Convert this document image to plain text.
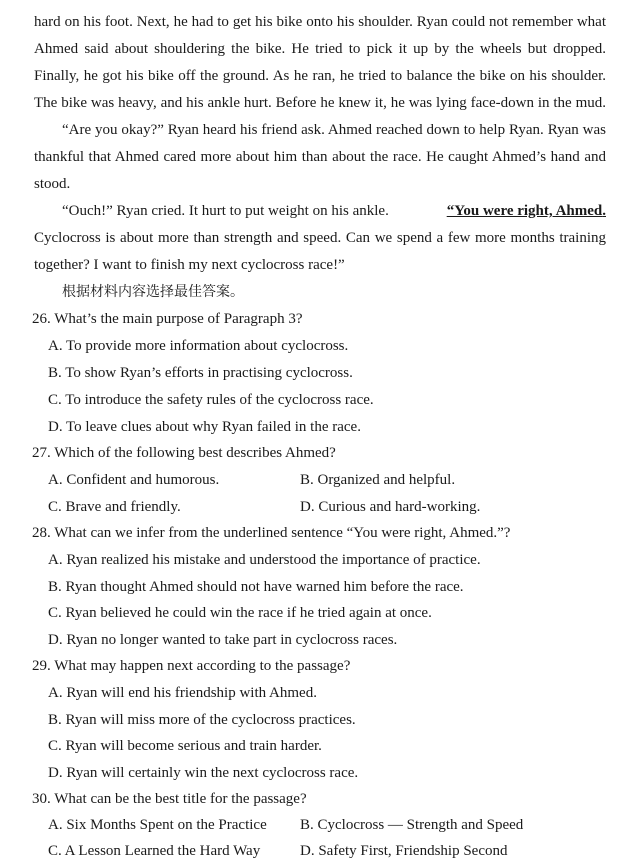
hard on his foot. Next, he had to get his bike onto his shoulder. Ryan could not remember what
Ahmed said about shouldering the bike. He tried to pick it up by the wheels but dropped.
Finally, he got his bike off the ground. As he ran, he tried to balance the bike on his shoulder.
The bike was heavy, and his ankle hurt. Before he knew it, he was lying face-down in the mud.
“Are you okay?” Ryan heard his friend ask. Ahmed reached down to help Ryan. Ryan was
thankful that Ahmed cared more about him than about the race. He caught Ahmed’s hand and
stood.
“Ouch!” Ryan cried. It hurt to put weight on his ankle.	“You were right, Ahmed.
Cyclocross is about more than strength and speed. Can we spend a few more months training
together? I want to finish my next cyclocross race!”
根据材料内容选择最佳答案。
26. What’s the main purpose of Paragraph 3?
A. To provide more information about cyclocross.
B. To show Ryan’s efforts in practising cyclocross.
C. To introduce the safety rules of the cyclocross race.
D. To leave clues about why Ryan failed in the race.
27. Which of the following best describes Ahmed?
A. Confident and humorous.	B. Organized and helpful.
C. Brave and friendly.	D. Curious and hard-working.
28. What can we infer from the underlined sentence “You were right, Ahmed.”?
A. Ryan realized his mistake and understood the importance of practice.
B. Ryan thought Ahmed should not have warned him before the race.
C. Ryan believed he could win the race if he tried again at once.
D. Ryan no longer wanted to take part in cyclocross races.
29. What may happen next according to the passage?
A. Ryan will end his friendship with Ahmed.
B. Ryan will miss more of the cyclocross practices.
C. Ryan will become serious and train harder.
D. Ryan will certainly win the next cyclocross race.
30. What can be the best title for the passage?
A. Six Months Spent on the Practice B. Cyclocross — Strength and Speed
C. A Lesson Learned the Hard Way	D. Safety First, Friendship Second
